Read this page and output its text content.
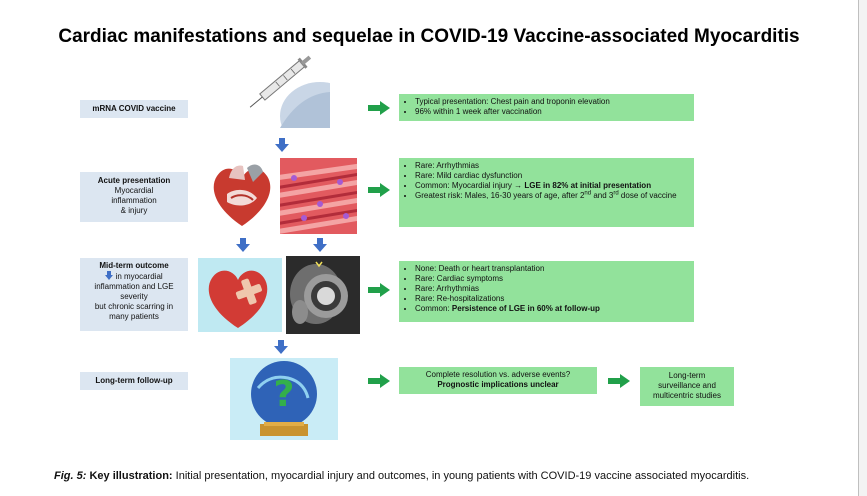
Cardiac manifestations and sequelae in COVID-19 Vaccine-associated Myocarditis
mRNA COVID vaccine
Acute presentation
Myocardial
inflammation
& injury
Mid-term outcome
in myocardial
inflammation and LGE
severity
but chronic scarring in
many patients
Long-term follow-up	?
• Typical presentation: Chest pain and troponin elevation
• 96% within 1 week after vaccination
• Rare: Arrhythmias
• Rare: Mild cardiac dysfunction
• Common: Myocardial injury → LGE in 82% at initial presentation
• Greatest risk: Males, 16-30 years of age, after 2nd and 3rd dose of vaccine
• None: Death or heart transplantation
• Rare: Cardiac symptoms
• Rare: Arrhythmias
• Rare: Re-hospitalizations
• Common: Persistence of LGE in 60% at follow-up
Complete resolution vs. adverse events?
Prognostic implications unclear
Long-term
surveillance and
multicentric studies
Fig. 5: Key illustration: Initial presentation, myocardial injury and outcomes, in young patients with COVID-19 vaccine associated myocarditis.
